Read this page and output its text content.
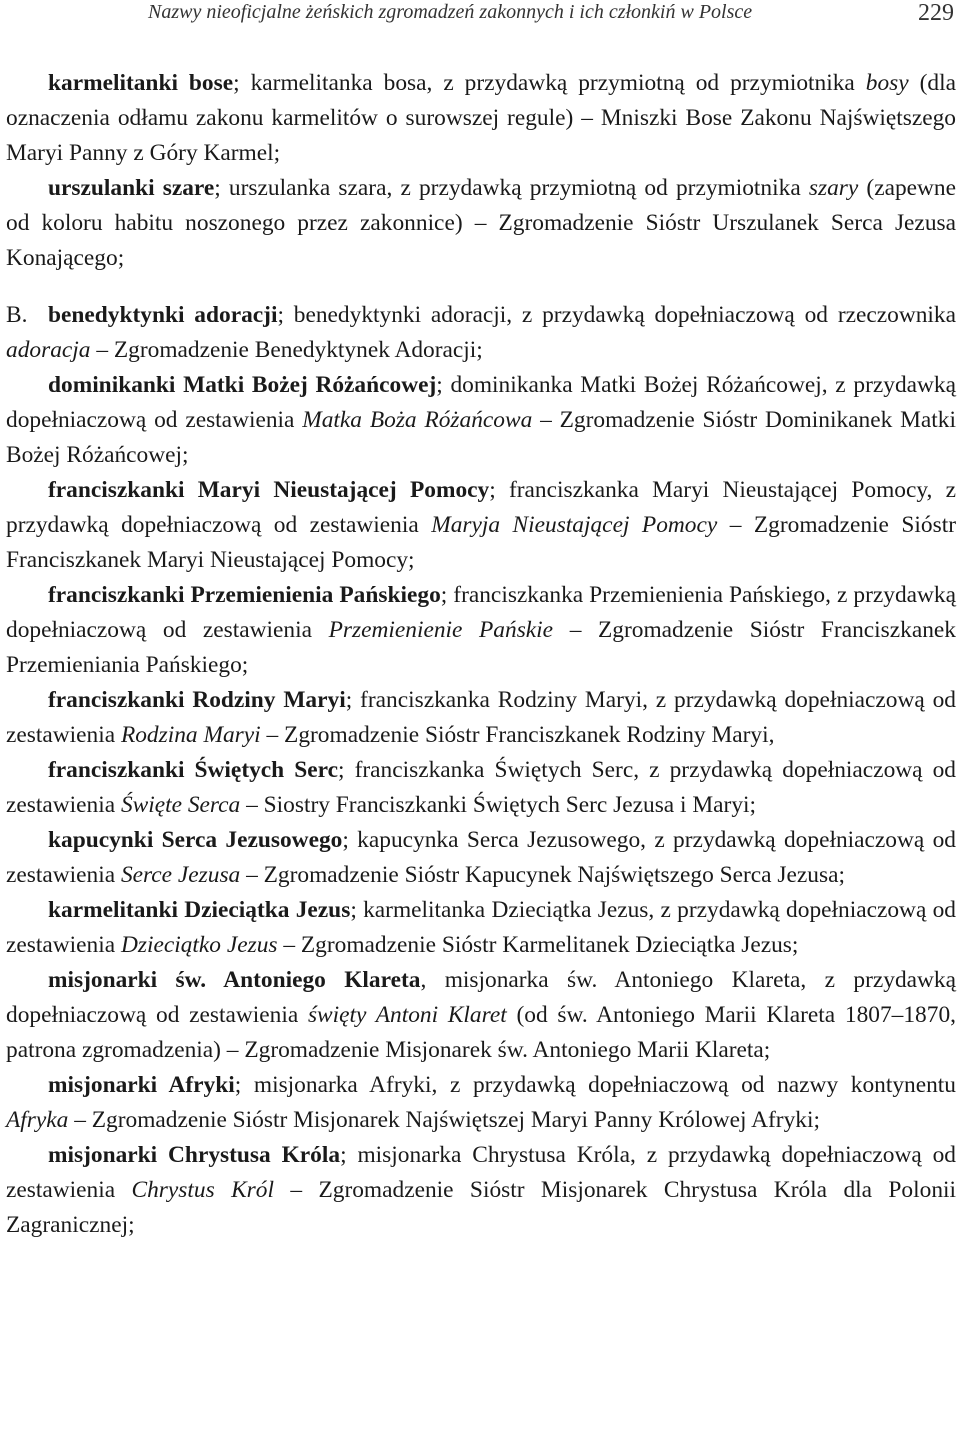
Nazwy nieoficjalne żeńskich zgromadzeń zakonnych i ich członkiń w Polsce	229

karmelitanki bose; karmelitanka bosa, z przydawką przymiotną od przymiotnika bosy (dla oznaczenia odłamu zakonu karmelitów o surowszej regule) – Mniszki Bose Zakonu Najświętszego Maryi Panny z Góry Karmel;

urszulanki szare; urszulanka szara, z przydawką przymiotną od przymiotnika szary (zapewne od koloru habitu noszonego przez zakonnice) – Zgromadzenie Sióstr Urszulanek Serca Jezusa Konającego;

B. benedyktynki adoracji; benedyktynki adoracji, z przydawką dopełniaczową od rzeczownika adoracja – Zgromadzenie Benedyktynek Adoracji;

dominikanki Matki Bożej Różańcowej; dominikanka Matki Bożej Różańcowej, z przydawką dopełniaczową od zestawienia Matka Boża Różańcowa – Zgromadzenie Sióstr Dominikanek Matki Bożej Różańcowej;

franciszkanki Maryi Nieustającej Pomocy; franciszkanka Maryi Nieustającej Pomocy, z przydawką dopełniaczową od zestawienia Maryja Nieustającej Pomocy – Zgromadzenie Sióstr Franciszkanek Maryi Nieustającej Pomocy;

franciszkanki Przemienienia Pańskiego; franciszkanka Przemienienia Pańskiego, z przydawką dopełniaczową od zestawienia Przemienienie Pańskie – Zgromadzenie Sióstr Franciszkanek Przemieniania Pańskiego;

franciszkanki Rodziny Maryi; franciszkanka Rodziny Maryi, z przydawką dopełniaczową od zestawienia Rodzina Maryi – Zgromadzenie Sióstr Franciszkanek Rodziny Maryi,

franciszkanki Świętych Serc; franciszkanka Świętych Serc, z przydawką dopełniaczową od zestawienia Święte Serca – Siostry Franciszkanki Świętych Serc Jezusa i Maryi;

kapucynki Serca Jezusowego; kapucynka Serca Jezusowego, z przydawką dopełniaczową od zestawienia Serce Jezusa – Zgromadzenie Sióstr Kapucynek Najświętszego Serca Jezusa;

karmelitanki Dzieciątka Jezus; karmelitanka Dzieciątka Jezus, z przydawką dopełniaczową od zestawienia Dzieciątko Jezus – Zgromadzenie Sióstr Karmelitanek Dzieciątka Jezus;

misjonarki św. Antoniego Klareta, misjonarka św. Antoniego Klareta, z przydawką dopełniaczową od zestawienia święty Antoni Klaret (od św. Antoniego Marii Klareta 1807–1870, patrona zgromadzenia) – Zgromadzenie Misjonarek św. Antoniego Marii Klareta;

misjonarki Afryki; misjonarka Afryki, z przydawką dopełniaczową od nazwy kontynentu Afryka – Zgromadzenie Sióstr Misjonarek Najświętszej Maryi Panny Królowej Afryki;

misjonarki Chrystusa Króla; misjonarka Chrystusa Króla, z przydawką dopełniaczową od zestawienia Chrystus Król – Zgromadzenie Sióstr Misjonarek Chrystusa Króla dla Polonii Zagranicznej;
